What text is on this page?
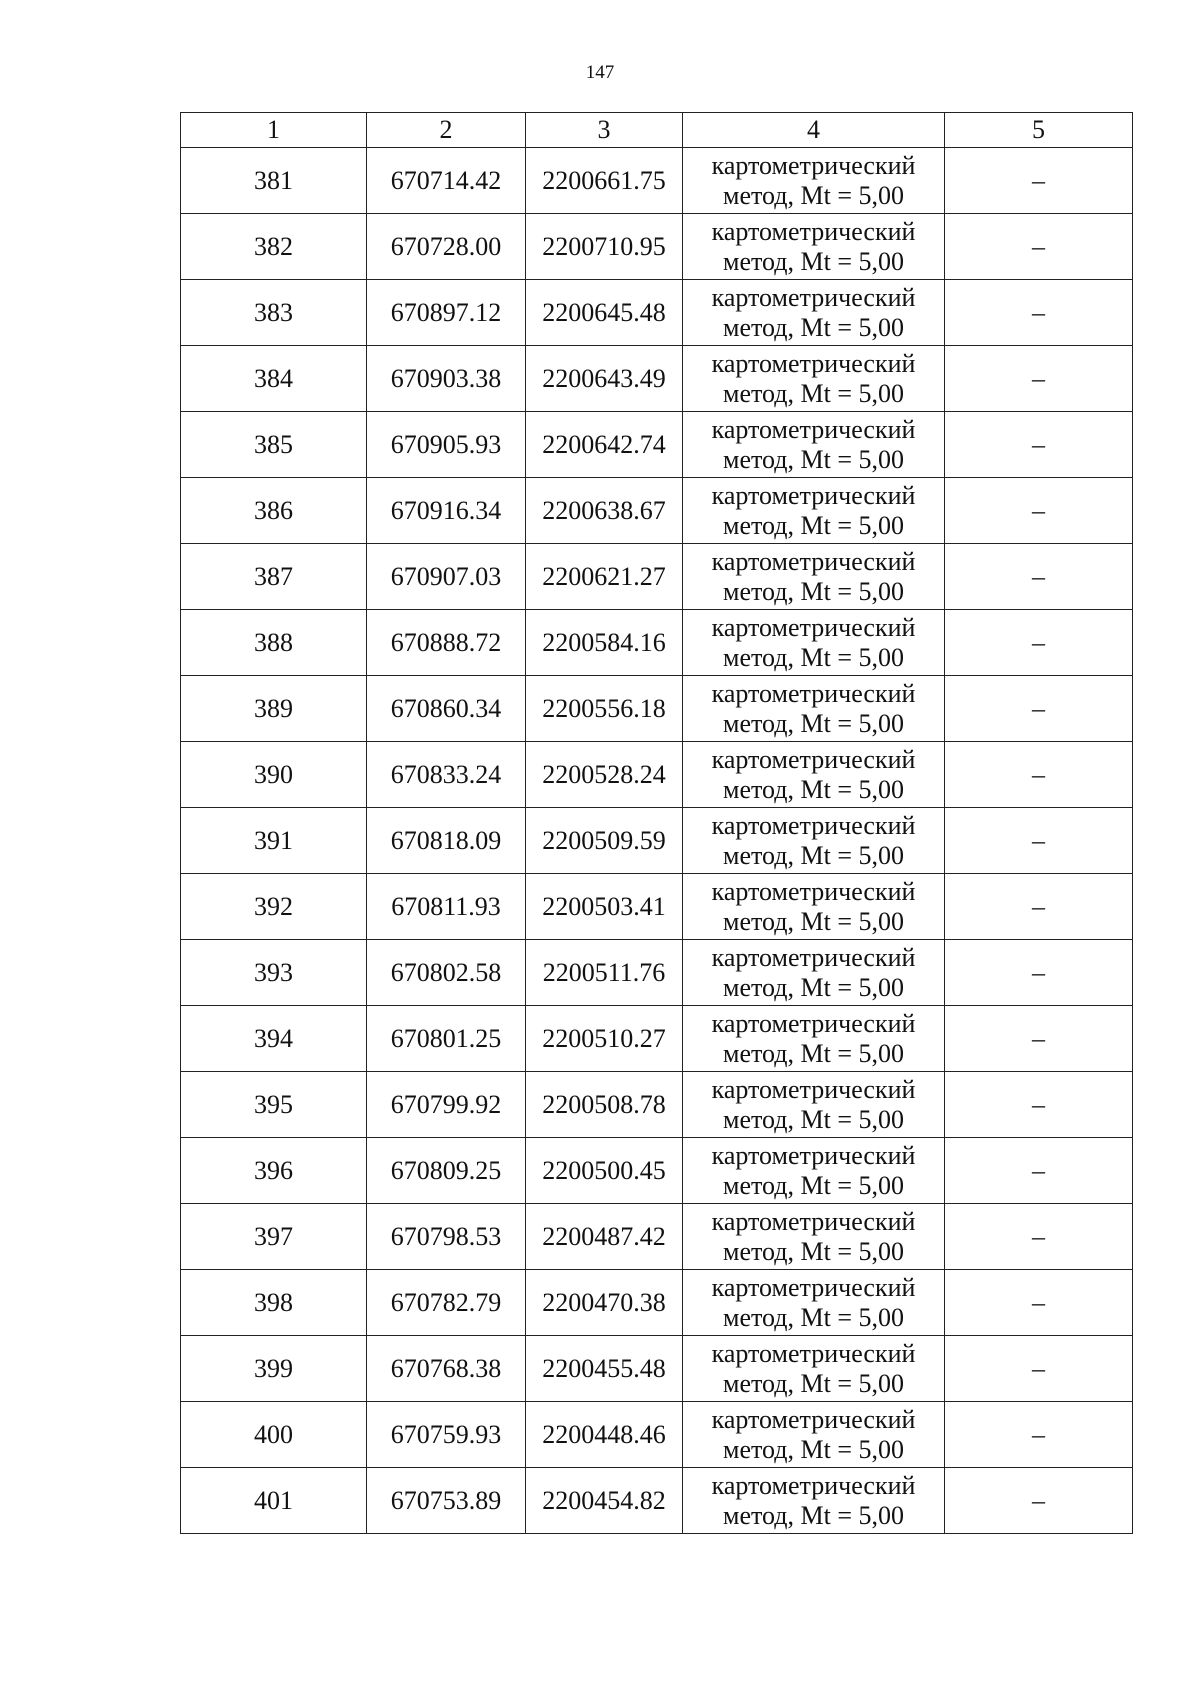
147
1	2	3	4	5
381	670714.42	2200661.75	картометрический метод, Mt = 5,00	–
382	670728.00	2200710.95	картометрический метод, Mt = 5,00	–
383	670897.12	2200645.48	картометрический метод, Mt = 5,00	–
384	670903.38	2200643.49	картометрический метод, Mt = 5,00	–
385	670905.93	2200642.74	картометрический метод, Mt = 5,00	–
386	670916.34	2200638.67	картометрический метод, Mt = 5,00	–
387	670907.03	2200621.27	картометрический метод, Mt = 5,00	–
388	670888.72	2200584.16	картометрический метод, Mt = 5,00	–
389	670860.34	2200556.18	картометрический метод, Mt = 5,00	–
390	670833.24	2200528.24	картометрический метод, Mt = 5,00	–
391	670818.09	2200509.59	картометрический метод, Mt = 5,00	–
392	670811.93	2200503.41	картометрический метод, Mt = 5,00	–
393	670802.58	2200511.76	картометрический метод, Mt = 5,00	–
394	670801.25	2200510.27	картометрический метод, Mt = 5,00	–
395	670799.92	2200508.78	картометрический метод, Mt = 5,00	–
396	670809.25	2200500.45	картометрический метод, Mt = 5,00	–
397	670798.53	2200487.42	картометрический метод, Mt = 5,00	–
398	670782.79	2200470.38	картометрический метод, Mt = 5,00	–
399	670768.38	2200455.48	картометрический метод, Mt = 5,00	–
400	670759.93	2200448.46	картометрический метод, Mt = 5,00	–
401	670753.89	2200454.82	картометрический метод, Mt = 5,00	–
